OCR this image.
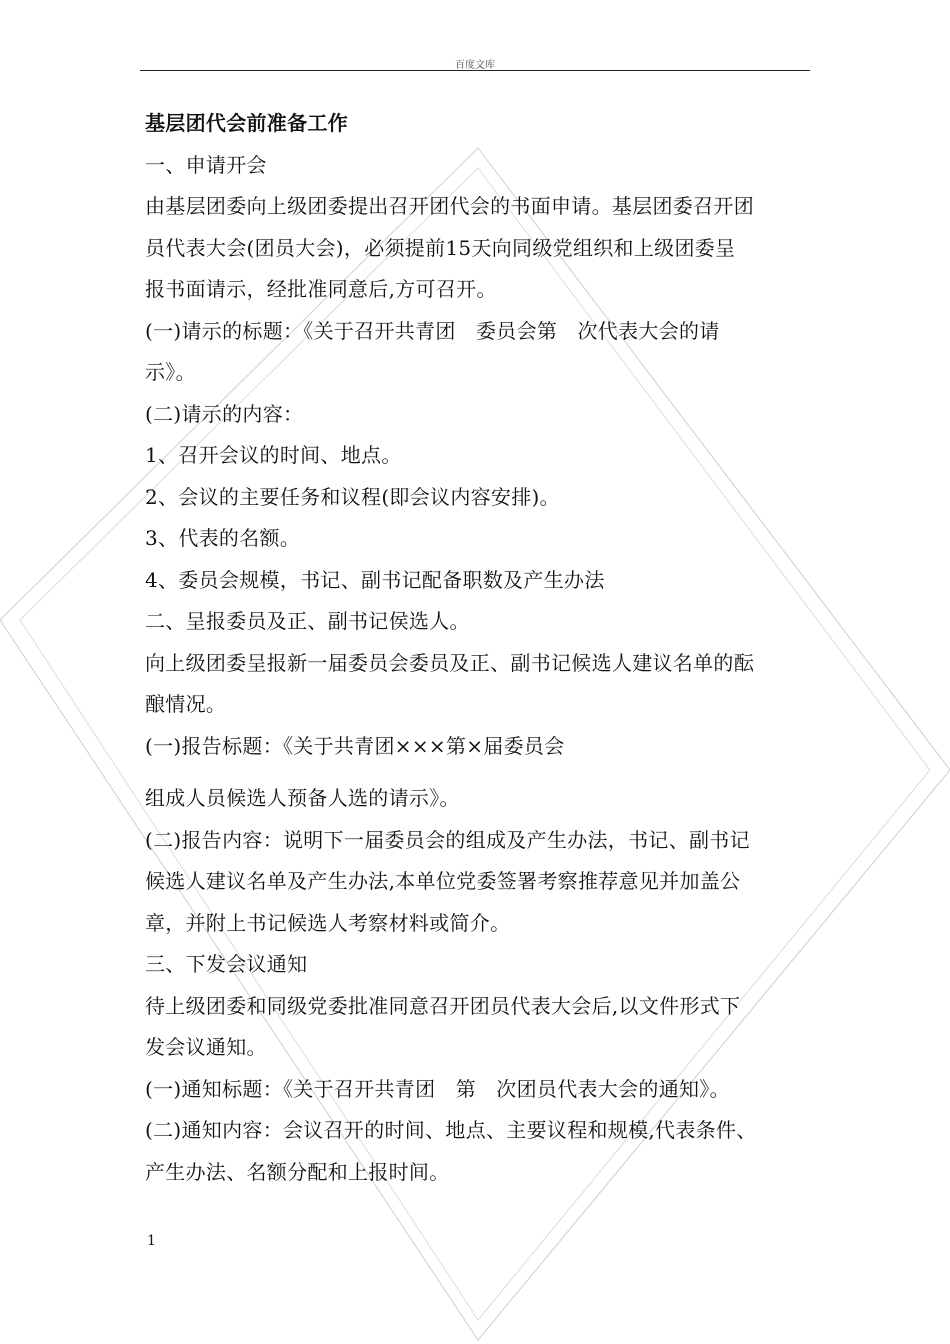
百度文库
基层团代会前准备工作
一、申请开会
由基层团委向上级团委提出召开团代会的书面申请。基层团委召开团
员代表大会(团员大会)，必须提前15天向同级党组织和上级团委呈
报书面请示，经批准同意后,方可召开。
(一)请示的标题：《关于召开共青团　委员会第　次代表大会的请
示》。
(二)请示的内容：
1、召开会议的时间、地点。
2、会议的主要任务和议程(即会议内容安排)。
3、代表的名额。
4、委员会规模，书记、副书记配备职数及产生办法
二、呈报委员及正、副书记侯选人。
向上级团委呈报新一届委员会委员及正、副书记候选人建议名单的酝
酿情况。
(一)报告标题：《关于共青团×××第×届委员会
组成人员候选人预备人选的请示》。
(二)报告内容：说明下一届委员会的组成及产生办法，书记、副书记
候选人建议名单及产生办法,本单位党委签署考察推荐意见并加盖公
章，并附上书记候选人考察材料或简介。
三、下发会议通知
待上级团委和同级党委批准同意召开团员代表大会后,以文件形式下
发会议通知。
(一)通知标题：《关于召开共青团　第　次团员代表大会的通知》。
(二)通知内容：会议召开的时间、地点、主要议程和规模,代表条件、
产生办法、名额分配和上报时间。
1
